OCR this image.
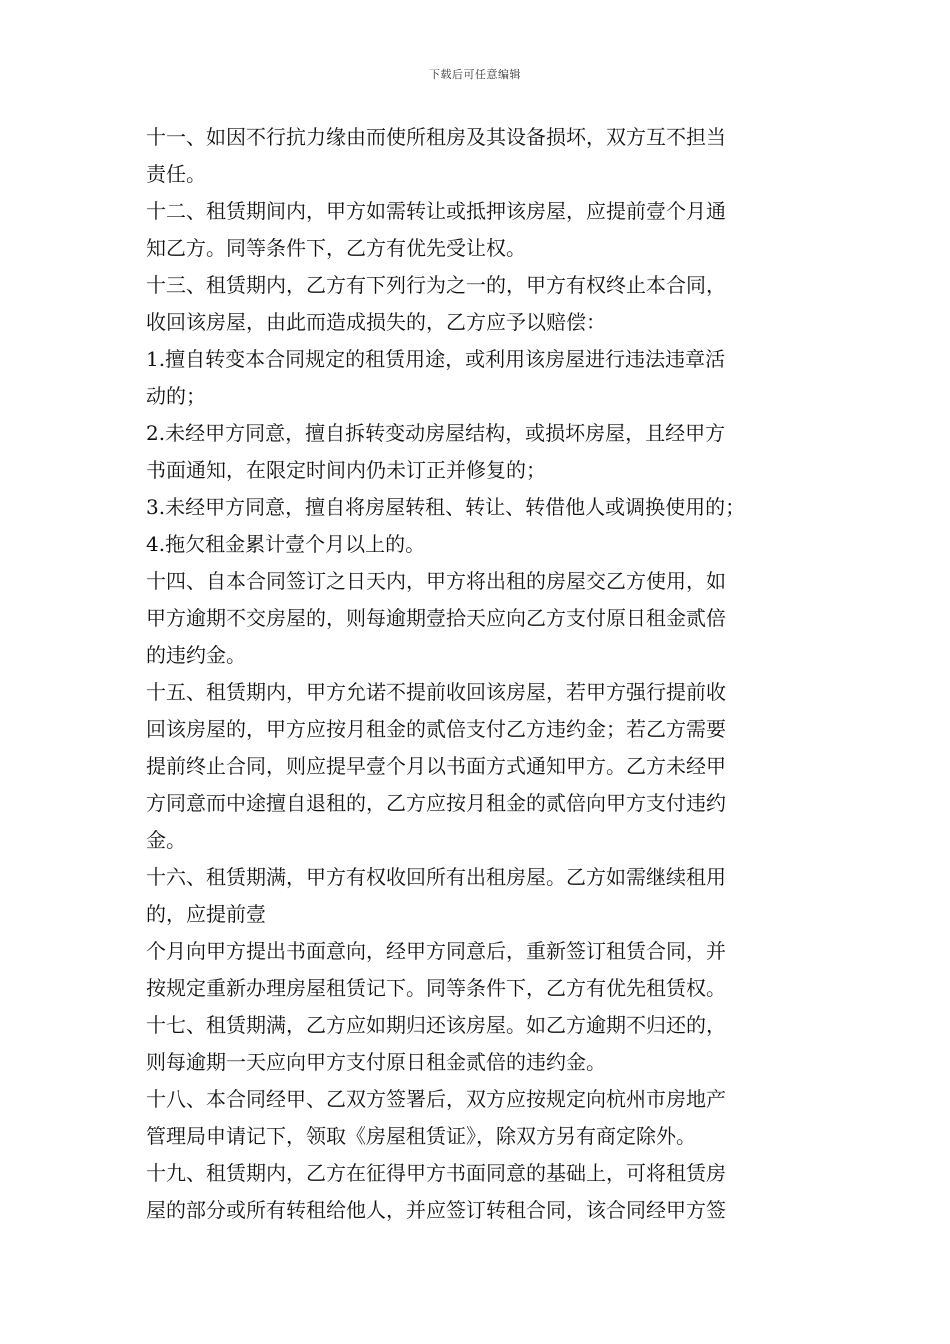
下载后可任意编辑
十一、如因不行抗力缘由而使所租房及其设备损坏，双方互不担当
责任。
十二、租赁期间内，甲方如需转让或抵押该房屋，应提前壹个月通
知乙方。同等条件下，乙方有优先受让权。
十三、租赁期内，乙方有下列行为之一的，甲方有权终止本合同，
收回该房屋，由此而造成损失的，乙方应予以赔偿：
1.擅自转变本合同规定的租赁用途，或利用该房屋进行违法违章活
动的；
2.未经甲方同意，擅自拆转变动房屋结构，或损坏房屋，且经甲方
书面通知，在限定时间内仍未订正并修复的；
3.未经甲方同意，擅自将房屋转租、转让、转借他人或调换使用的；
4.拖欠租金累计壹个月以上的。
十四、自本合同签订之日天内，甲方将出租的房屋交乙方使用，如
甲方逾期不交房屋的，则每逾期壹拾天应向乙方支付原日租金贰倍
的违约金。
十五、租赁期内，甲方允诺不提前收回该房屋，若甲方强行提前收
回该房屋的，甲方应按月租金的贰倍支付乙方违约金；若乙方需要
提前终止合同，则应提早壹个月以书面方式通知甲方。乙方未经甲
方同意而中途擅自退租的，乙方应按月租金的贰倍向甲方支付违约
金。
十六、租赁期满，甲方有权收回所有出租房屋。乙方如需继续租用
的，应提前壹
个月向甲方提出书面意向，经甲方同意后，重新签订租赁合同，并
按规定重新办理房屋租赁记下。同等条件下，乙方有优先租赁权。
十七、租赁期满，乙方应如期归还该房屋。如乙方逾期不归还的，
则每逾期一天应向甲方支付原日租金贰倍的违约金。
十八、本合同经甲、乙双方签署后，双方应按规定向杭州市房地产
管理局申请记下，领取《房屋租赁证》，除双方另有商定除外。
十九、租赁期内，乙方在征得甲方书面同意的基础上，可将租赁房
屋的部分或所有转租给他人，并应签订转租合同，该合同经甲方签
